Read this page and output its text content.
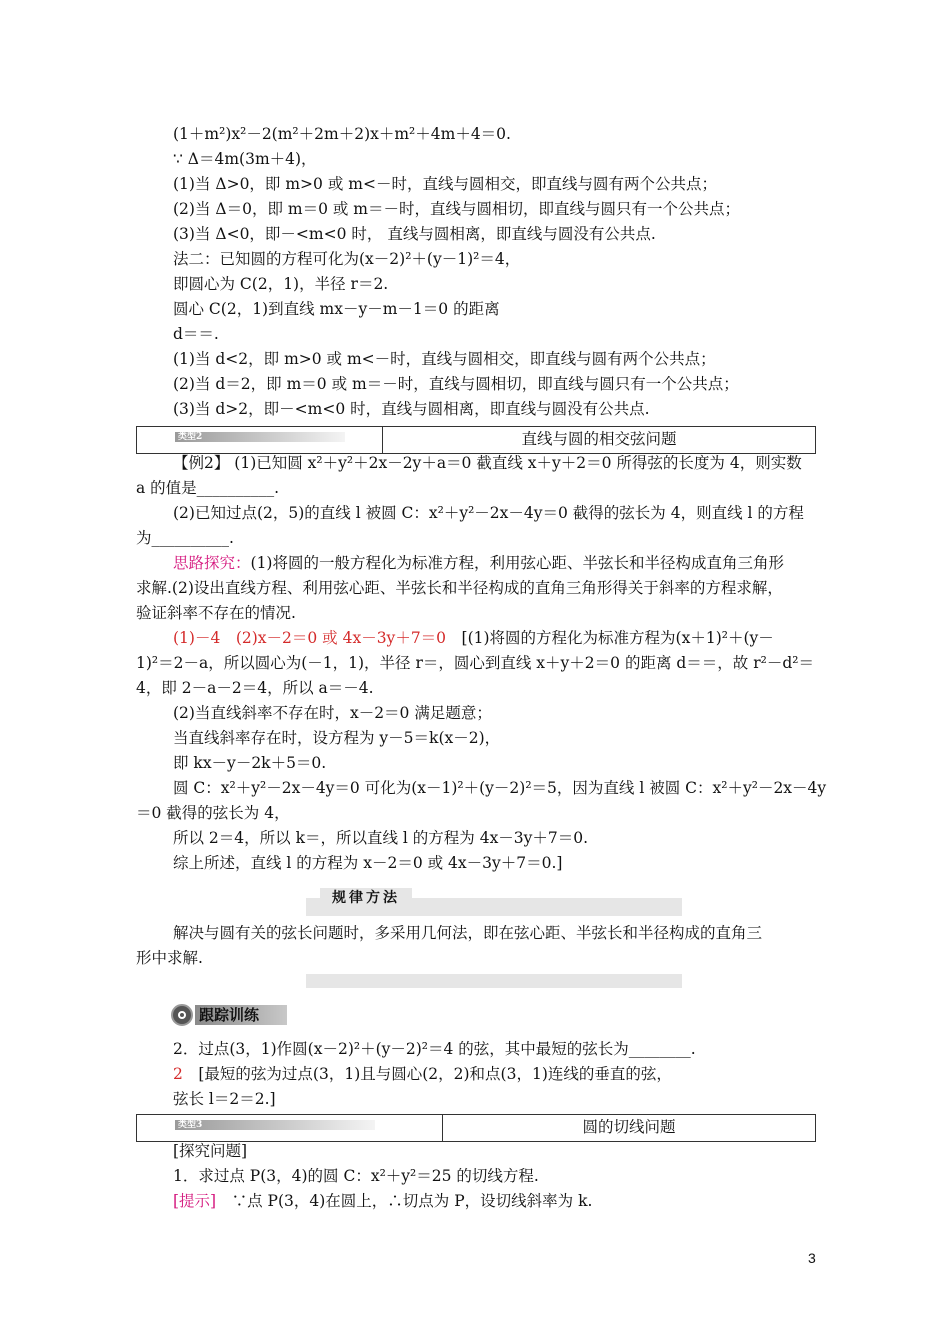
(1＋m²)x²－2(m²＋2m＋2)x＋m²＋4m＋4＝0.
∵ Δ＝4m(3m＋4)，
(1)当 Δ>0，即 m>0 或 m<－时，直线与圆相交，即直线与圆有两个公共点；
(2)当 Δ＝0，即 m＝0 或 m＝－时，直线与圆相切，即直线与圆只有一个公共点；
(3)当 Δ<0，即－<m<0 时， 直线与圆相离，即直线与圆没有公共点.
法二：已知圆的方程可化为(x－2)²＋(y－1)²＝4，
即圆心为 C(2，1)，半径 r＝2.
圆心 C(2，1)到直线 mx－y－m－1＝0 的距离
d＝＝.
(1)当 d<2，即 m>0 或 m<－时，直线与圆相交，即直线与圆有两个公共点；
(2)当 d＝2，即 m＝0 或 m＝－时，直线与圆相切，即直线与圆只有一个公共点；
(3)当 d>2，即－<m<0 时，直线与圆相离，即直线与圆没有公共点.
类型2	直线与圆的相交弦问题
【例2】 (1)已知圆 x²＋y²＋2x－2y＋a＝0 截直线 x＋y＋2＝0 所得弦的长度为 4，则实数
a 的值是__________.
(2)已知过点(2，5)的直线 l 被圆 C：x²＋y²－2x－4y＝0 截得的弦长为 4，则直线 l 的方程
为__________.
思路探究：(1)将圆的一般方程化为标准方程，利用弦心距、半弦长和半径构成直角三角形
求解.(2)设出直线方程、利用弦心距、半弦长和半径构成的直角三角形得关于斜率的方程求解，
验证斜率不存在的情况.
(1)－4　(2)x－2＝0 或 4x－3y＋7＝0　[(1)将圆的方程化为标准方程为(x＋1)²＋(y－
1)²＝2－a，所以圆心为(－1，1)，半径 r＝，圆心到直线 x＋y＋2＝0 的距离 d＝＝，故 r²－d²＝
4，即 2－a－2＝4，所以 a＝－4.
(2)当直线斜率不存在时，x－2＝0 满足题意；
当直线斜率存在时，设方程为 y－5＝k(x－2)，
即 kx－y－2k＋5＝0.
圆 C：x²＋y²－2x－4y＝0 可化为(x－1)²＋(y－2)²＝5，因为直线 l 被圆 C：x²＋y²－2x－4y
＝0 截得的弦长为 4，
所以 2＝4，所以 k＝，所以直线 l 的方程为 4x－3y＋7＝0.
综上所述，直线 l 的方程为 x－2＝0 或 4x－3y＋7＝0.]
规律方法
解决与圆有关的弦长问题时，多采用几何法，即在弦心距、半弦长和半径构成的直角三
形中求解.
跟踪训练
2．过点(3，1)作圆(x－2)²＋(y－2)²＝4 的弦，其中最短的弦长为________.
2　[最短的弦为过点(3，1)且与圆心(2，2)和点(3，1)连线的垂直的弦，
弦长 l＝2＝2.]
类型3	圆的切线问题
[探究问题]
1．求过点 P(3，4)的圆 C：x²＋y²＝25 的切线方程.
[提示]　∵点 P(3，4)在圆上，∴切点为 P，设切线斜率为 k.
3
